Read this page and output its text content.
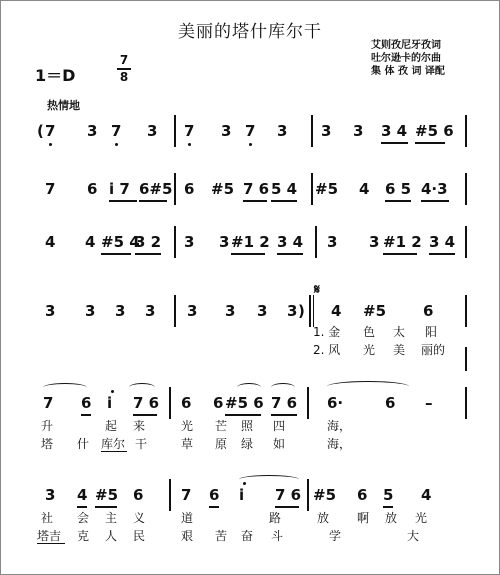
美丽的塔什库尔干
1＝D
7
8
艾则孜尼牙孜词
吐尔逊卡的尔曲
集 体 孜 词 译配
热情地
( 7 3 7 3 7 3 7 3 3 3 3 4 #5 6
7 6 i 7 6#5 6 #5 7 6 5 4 #5 4 6 5 4·3
4 4 #5 4
3 2 3 3 #1 2 3 4 3 3 #1 2 3 4
𝄋
3 3 3 3 3 3 3 3 ) 4 #5 6
1. 金 色 太 阳
2. 风 光 美 丽的
7 6 i 7 6 6 6 #5 6 7 6 6·	6 –
升	起 来	光 芒 照 四	海，
塔 什 库尔 干	草 原 绿 如	海，
3 4 #5 6	7 6 i 7 6 #5 6 5 4
社 会 主 义	道	路	放 啊 放 光
塔吉 克 人 民	艰 苦 奋 斗	学	大
